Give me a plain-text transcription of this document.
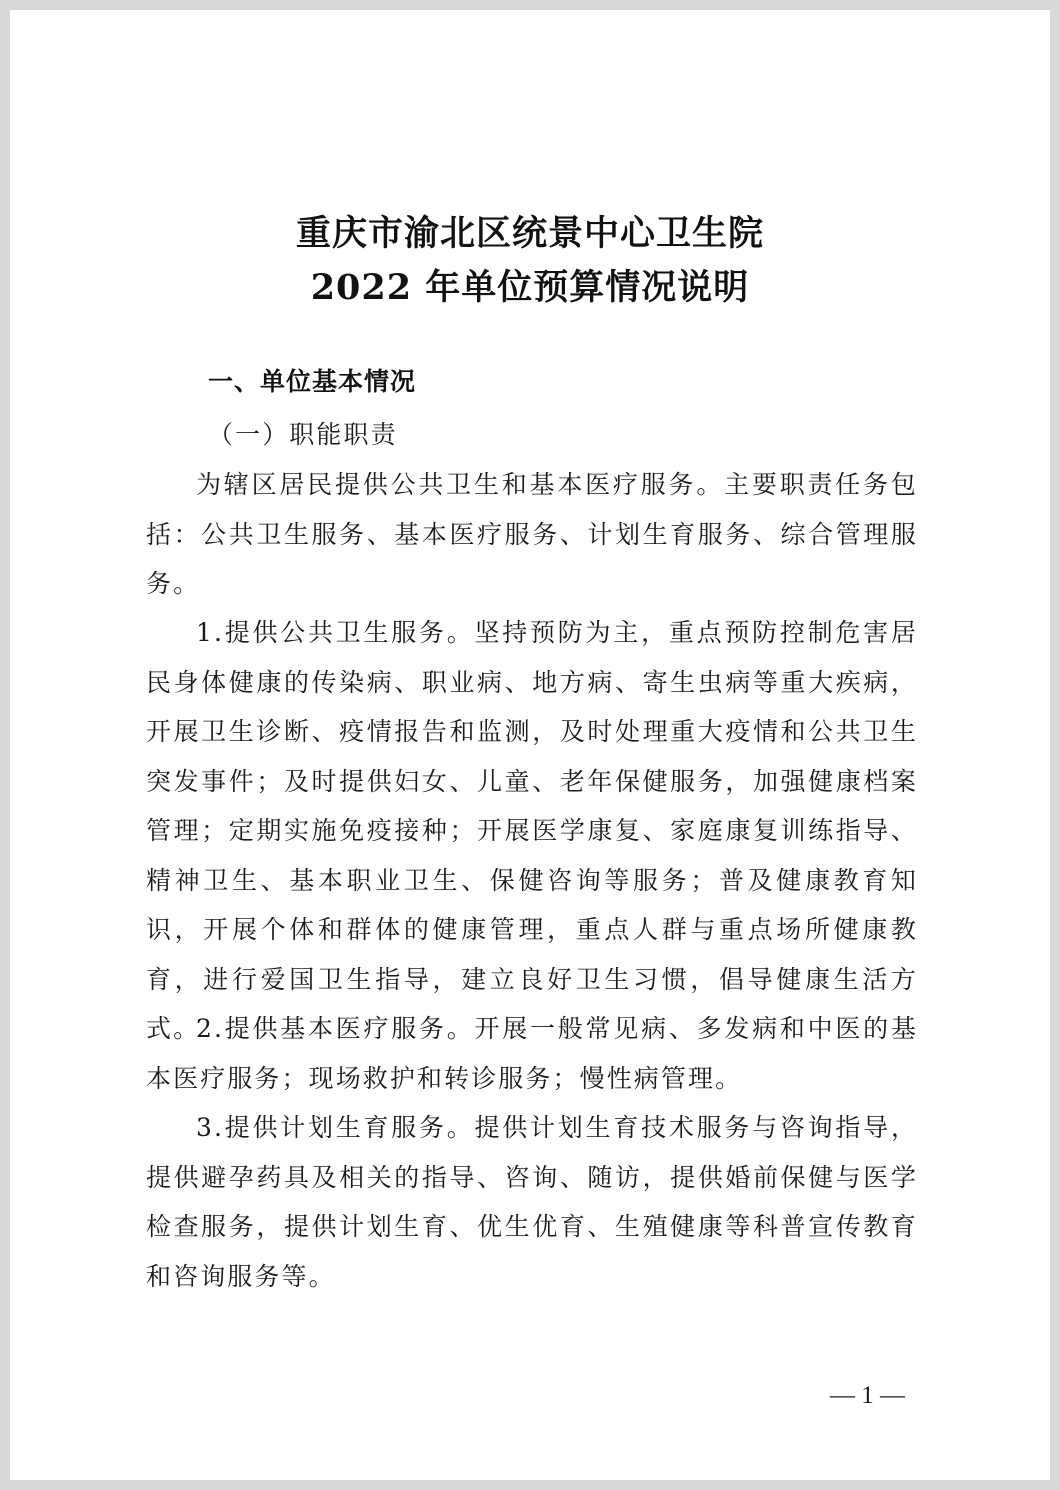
重庆市渝北区统景中心卫生院
2022 年单位预算情况说明
一、单位基本情况
（一）职能职责

为辖区居民提供公共卫生和基本医疗服务。主要职责任务包括：公共卫生服务、基本医疗服务、计划生育服务、综合管理服务。

1.提供公共卫生服务。坚持预防为主，重点预防控制危害居民身体健康的传染病、职业病、地方病、寄生虫病等重大疾病，开展卫生诊断、疫情报告和监测，及时处理重大疫情和公共卫生突发事件；及时提供妇女、儿童、老年保健服务，加强健康档案管理；定期实施免疫接种；开展医学康复、家庭康复训练指导、精神卫生、基本职业卫生、保健咨询等服务；普及健康教育知识，开展个体和群体的健康管理，重点人群与重点场所健康教育，进行爱国卫生指导，建立良好卫生习惯，倡导健康生活方式。

2.提供基本医疗服务。开展一般常见病、多发病和中医的基本医疗服务；现场救护和转诊服务；慢性病管理。

3.提供计划生育服务。提供计划生育技术服务与咨询指导，提供避孕药具及相关的指导、咨询、随访，提供婚前保健与医学检查服务，提供计划生育、优生优育、生殖健康等科普宣传教育和咨询服务等。

— 1 —
